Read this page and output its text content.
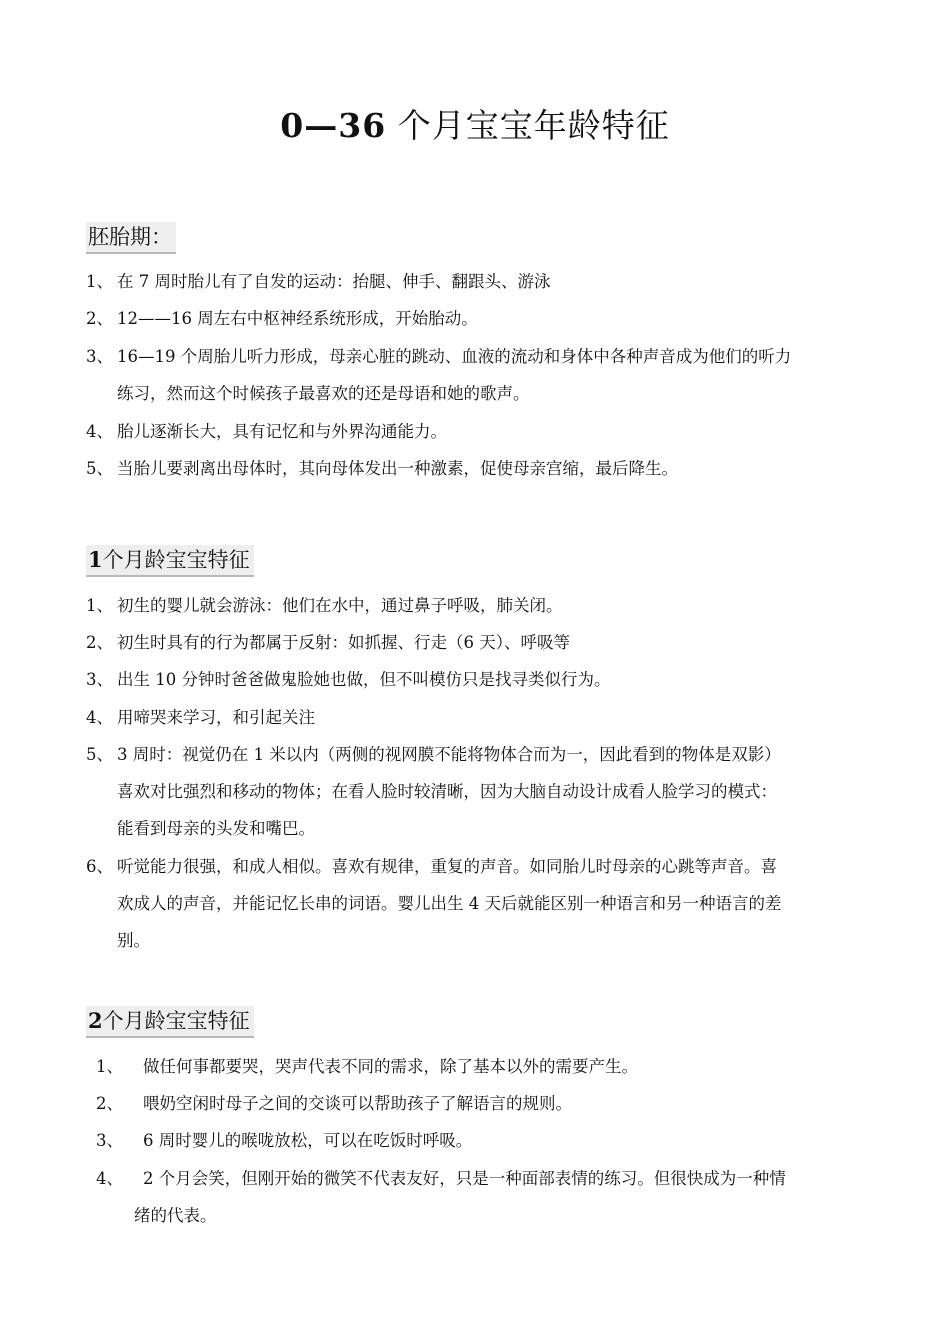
0—36 个月宝宝年龄特征
胚胎期：
1、 在 7 周时胎儿有了自发的运动：抬腿、伸手、翻跟头、游泳
2、 12——16 周左右中枢神经系统形成，开始胎动。
3、 16—19 个周胎儿听力形成，母亲心脏的跳动、血液的流动和身体中各种声音成为他们的听力
练习，然而这个时候孩子最喜欢的还是母语和她的歌声。
4、 胎儿逐渐长大，具有记忆和与外界沟通能力。
5、 当胎儿要剥离出母体时，其向母体发出一种激素，促使母亲宫缩，最后降生。
1个月龄宝宝特征
1、 初生的婴儿就会游泳：他们在水中，通过鼻子呼吸，肺关闭。
2、 初生时具有的行为都属于反射：如抓握、行走（6 天）、呼吸等
3、 出生 10 分钟时爸爸做鬼脸她也做，但不叫模仿只是找寻类似行为。
4、 用啼哭来学习，和引起关注
5、 3 周时：视觉仍在 1 米以内（两侧的视网膜不能将物体合而为一，因此看到的物体是双影）
喜欢对比强烈和移动的物体；在看人脸时较清晰，因为大脑自动设计成看人脸学习的模式：
能看到母亲的头发和嘴巴。
6、 听觉能力很强，和成人相似。喜欢有规律，重复的声音。如同胎儿时母亲的心跳等声音。喜
欢成人的声音，并能记忆长串的词语。婴儿出生 4 天后就能区别一种语言和另一种语言的差
别。
2个月龄宝宝特征
1、 做任何事都要哭，哭声代表不同的需求，除了基本以外的需要产生。
2、 喂奶空闲时母子之间的交谈可以帮助孩子了解语言的规则。
3、 6 周时婴儿的喉咙放松，可以在吃饭时呼吸。
4、 2 个月会笑，但刚开始的微笑不代表友好，只是一种面部表情的练习。但很快成为一种情
绪的代表。
